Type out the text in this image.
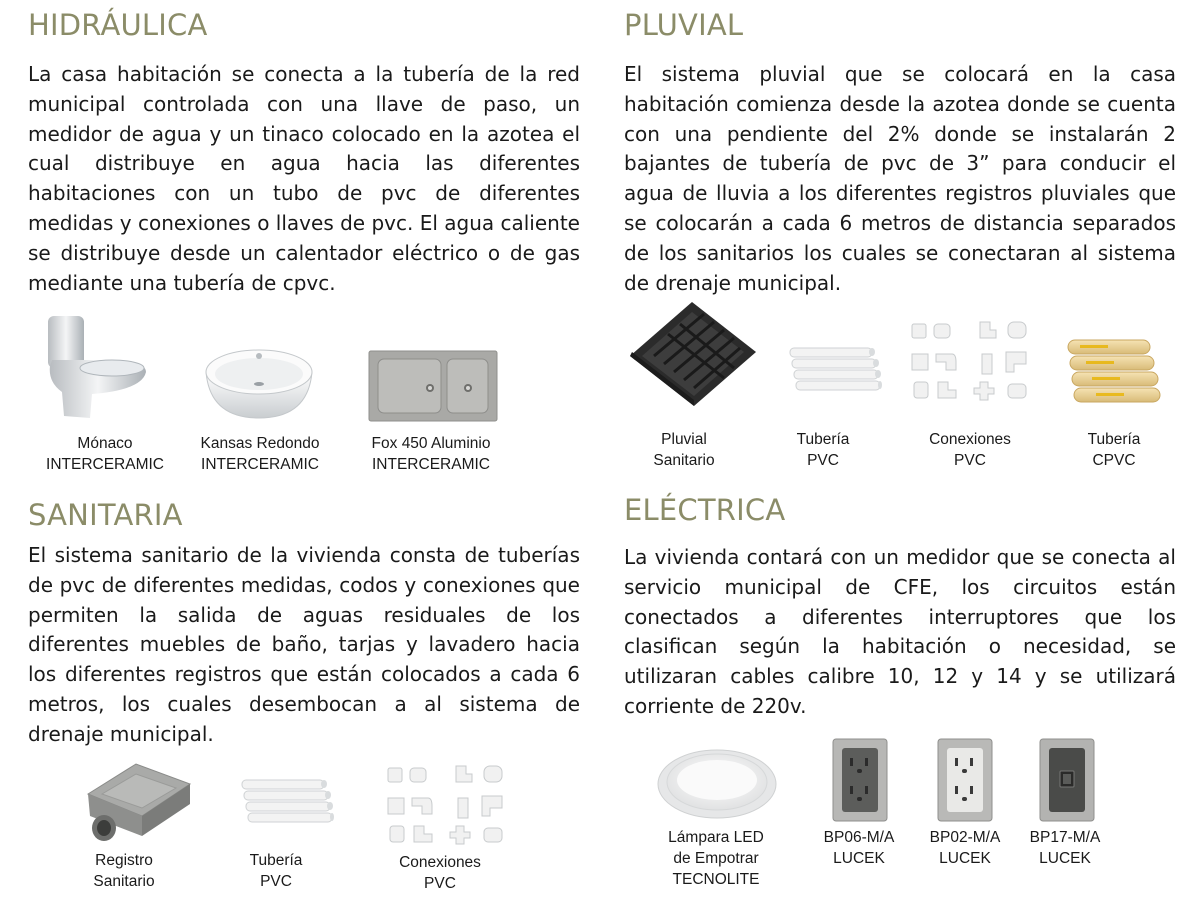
HIDRÁULICA

La casa habitación se conecta a la tubería de la red municipal controlada con una llave de paso, un medidor de agua y un tinaco colocado en la azotea el cual distribuye en agua hacia las diferentes habitaciones con un tubo de pvc de diferentes medidas y conexiones o llaves de pvc. El agua caliente se distribuye desde un calentador eléctrico o de gas mediante una tubería de cpvc.

Mónaco
INTERCERAMIC
Kansas Redondo
INTERCERAMIC
Fox 450 Aluminio
INTERCERAMIC
PLUVIAL

El sistema pluvial que se colocará en la casa habitación comienza desde la azotea donde se cuenta con una pendiente del 2% donde se instalarán 2 bajantes de tubería de pvc de 3” para conducir el agua de lluvia a los diferentes registros pluviales que se colocarán a cada 6 metros de distancia separados de los sanitarios los cuales se conectaran al sistema de drenaje municipal.

Pluvial
Sanitario
Tubería
PVC
Conexiones
PVC
Tubería
CPVC
SANITARIA

El sistema sanitario de la vivienda consta de tuberías de pvc de diferentes medidas, codos y conexiones que permiten la salida de aguas residuales de los diferentes muebles de baño, tarjas y lavadero hacia los diferentes registros que están colocados a cada 6 metros, los cuales desembocan a al sistema de drenaje municipal.

Registro
Sanitario
Tubería
PVC
Conexiones
PVC
ELÉCTRICA

La vivienda contará con un medidor que se conecta al servicio municipal de CFE, los circuitos están conectados a diferentes interruptores que los clasifican según la habitación o necesidad, se utilizaran cables calibre 10, 12 y 14 y se utilizará corriente de 220v.

Lámpara LED
de Empotrar
TECNOLITE
BP06-M/A
LUCEK
BP02-M/A
LUCEK
BP17-M/A
LUCEK
